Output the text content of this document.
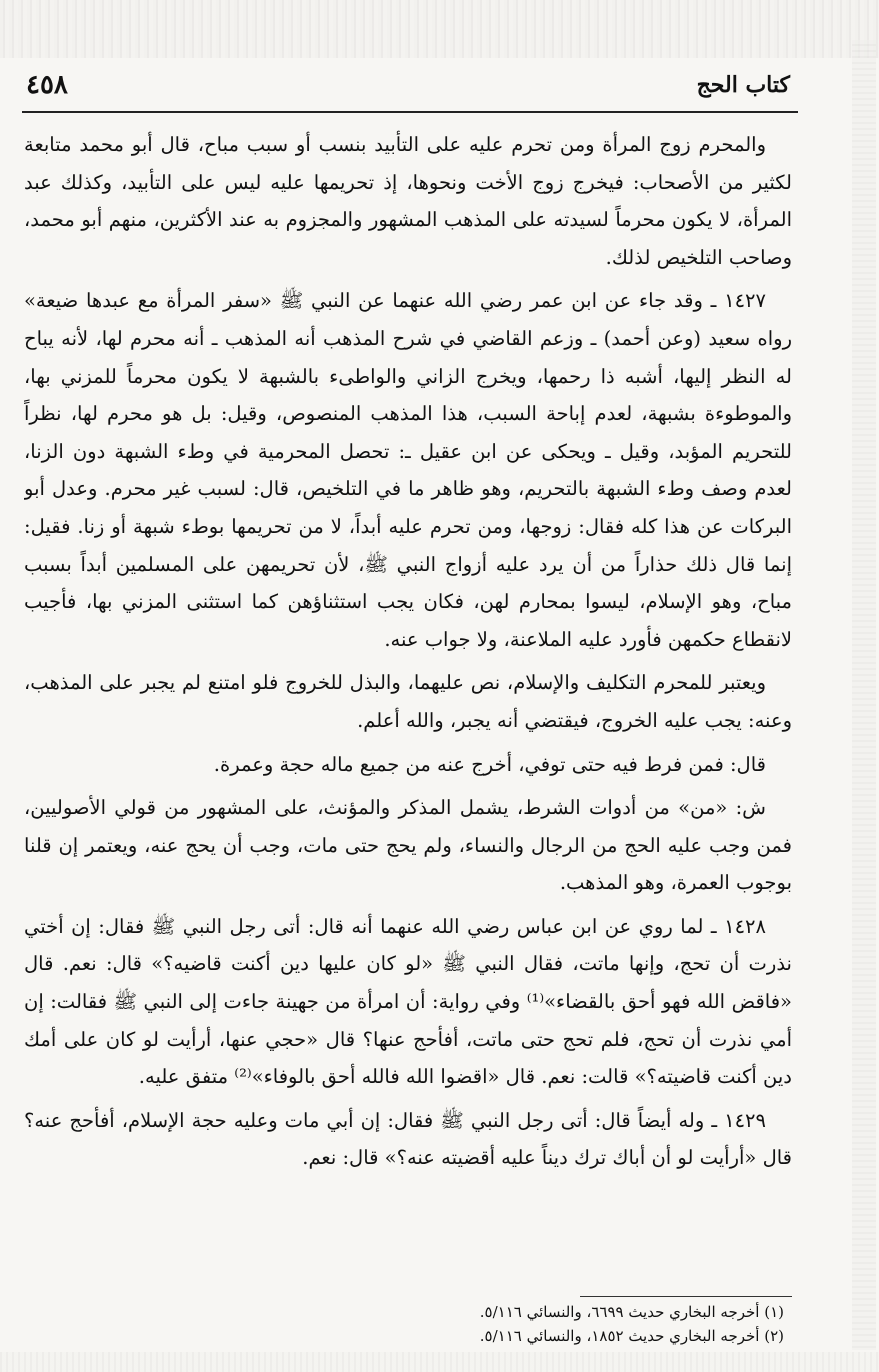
٤٥٨	كتاب الحج

والمحرم زوج المرأة ومن تحرم عليه على التأبيد بنسب أو سبب مباح، قال أبو محمد متابعة لكثير من الأصحاب: فيخرج زوج الأخت ونحوها، إذ تحريمها عليه ليس على التأبيد، وكذلك عبد المرأة، لا يكون محرماً لسيدته على المذهب المشهور والمجزوم به عند الأكثرين، منهم أبو محمد، وصاحب التلخيص لذلك.

١٤٢٧ ـ وقد جاء عن ابن عمر رضي الله عنهما عن النبي ﷺ «سفر المرأة مع عبدها ضيعة» رواه سعيد (وعن أحمد) ـ وزعم القاضي في شرح المذهب أنه المذهب ـ أنه محرم لها، لأنه يباح له النظر إليها، أشبه ذا رحمها، ويخرج الزاني والواطىء بالشبهة لا يكون محرماً للمزني بها، والموطوءة بشبهة، لعدم إباحة السبب، هذا المذهب المنصوص، وقيل: بل هو محرم لها، نظراً للتحريم المؤبد، وقيل ـ ويحكى عن ابن عقيل ـ: تحصل المحرمية في وطء الشبهة دون الزنا، لعدم وصف وطء الشبهة بالتحريم، وهو ظاهر ما في التلخيص، قال: لسبب غير محرم. وعدل أبو البركات عن هذا كله فقال: زوجها، ومن تحرم عليه أبداً، لا من تحريمها بوطء شبهة أو زنا. فقيل: إنما قال ذلك حذاراً من أن يرد عليه أزواج النبي ﷺ، لأن تحريمهن على المسلمين أبداً بسبب مباح، وهو الإسلام، ليسوا بمحارم لهن، فكان يجب استثناؤهن كما استثنى المزني بها، فأجيب لانقطاع حكمهن فأورد عليه الملاعنة، ولا جواب عنه.

ويعتبر للمحرم التكليف والإسلام، نص عليهما، والبذل للخروج فلو امتنع لم يجبر على المذهب، وعنه: يجب عليه الخروج، فيقتضي أنه يجبر، والله أعلم.

قال: فمن فرط فيه حتى توفي، أخرج عنه من جميع ماله حجة وعمرة.

ش: «من» من أدوات الشرط، يشمل المذكر والمؤنث، على المشهور من قولي الأصوليين، فمن وجب عليه الحج من الرجال والنساء، ولم يحج حتى مات، وجب أن يحج عنه، ويعتمر إن قلنا بوجوب العمرة، وهو المذهب.

١٤٢٨ ـ لما روي عن ابن عباس رضي الله عنهما أنه قال: أتى رجل النبي ﷺ فقال: إن أختي نذرت أن تحج، وإنها ماتت، فقال النبي ﷺ «لو كان عليها دين أكنت قاضيه؟» قال: نعم. قال «فاقض الله فهو أحق بالقضاء»⁽¹⁾ وفي رواية: أن امرأة من جهينة جاءت إلى النبي ﷺ فقالت: إن أمي نذرت أن تحج، فلم تحج حتى ماتت، أفأحج عنها؟ قال «حجي عنها، أرأيت لو كان على أمك دين أكنت قاضيته؟» قالت: نعم. قال «اقضوا الله فالله أحق بالوفاء»⁽²⁾ متفق عليه.

١٤٢٩ ـ وله أيضاً قال: أتى رجل النبي ﷺ فقال: إن أبي مات وعليه حجة الإسلام، أفأحج عنه؟ قال «أرأيت لو أن أباك ترك ديناً عليه أقضيته عنه؟» قال: نعم.

(١) أخرجه البخاري حديث ٦٦٩٩، والنسائي ٥/١١٦.
(٢) أخرجه البخاري حديث ١٨٥٢، والنسائي ٥/١١٦.
